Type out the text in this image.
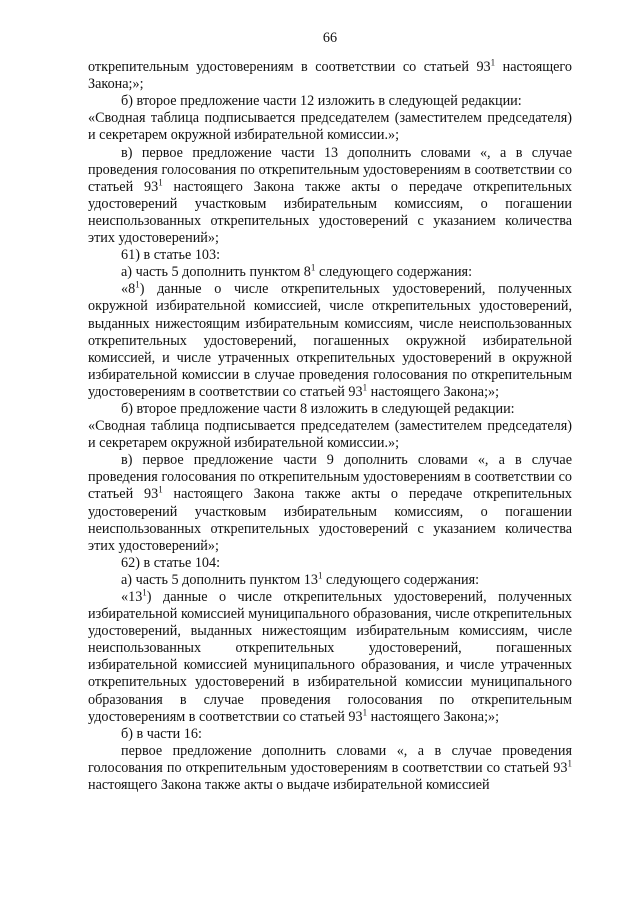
66

открепительным удостоверениям в соответствии со статьей $93^1$ настоящего Закона;»;

б) второе предложение части 12 изложить в следующей редакции:

«Сводная таблица подписывается председателем (заместителем председателя) и секретарем окружной избирательной комиссии.»;

в) первое предложение части 13 дополнить словами «, а в случае проведения голосования по открепительным удостоверениям в соответствии со статьей $93^1$ настоящего Закона также акты о передаче открепительных удостоверений участковым избирательным комиссиям, о погашении неиспользованных открепительных удостоверений с указанием количества этих удостоверений»;

61) в статье 103:

а) часть 5 дополнить пунктом $8^1$ следующего содержания:

«$8^1$) данные о числе открепительных удостоверений, полученных окружной избирательной комиссией, числе открепительных удостоверений, выданных нижестоящим избирательным комиссиям, числе неиспользованных открепительных удостоверений, погашенных окружной избирательной комиссией, и числе утраченных открепительных удостоверений в окружной избирательной комиссии в случае проведения голосования по открепительным удостоверениям в соответствии со статьей $93^1$ настоящего Закона;»;

б) второе предложение части 8 изложить в следующей редакции:

«Сводная таблица подписывается председателем (заместителем председателя) и секретарем окружной избирательной комиссии.»;

в) первое предложение части 9 дополнить словами «, а в случае проведения голосования по открепительным удостоверениям в соответствии со статьей $93^1$ настоящего Закона также акты о передаче открепительных удостоверений участковым избирательным комиссиям, о погашении неиспользованных открепительных удостоверений с указанием количества этих удостоверений»;

62) в статье 104:

а) часть 5 дополнить пунктом $13^1$ следующего содержания:

«$13^1$) данные о числе открепительных удостоверений, полученных избирательной комиссией муниципального образования, числе открепительных удостоверений, выданных нижестоящим избирательным комиссиям, числе неиспользованных открепительных удостоверений, погашенных избирательной комиссией муниципального образования, и числе утраченных открепительных удостоверений в избирательной комиссии муниципального образования в случае проведения голосования по открепительным удостоверениям в соответствии со статьей $93^1$ настоящего Закона;»;

б) в части 16:

первое предложение дополнить словами «, а в случае проведения голосования по открепительным удостоверениям в соответствии со статьей $93^1$ настоящего Закона также акты о выдаче избирательной комиссией
